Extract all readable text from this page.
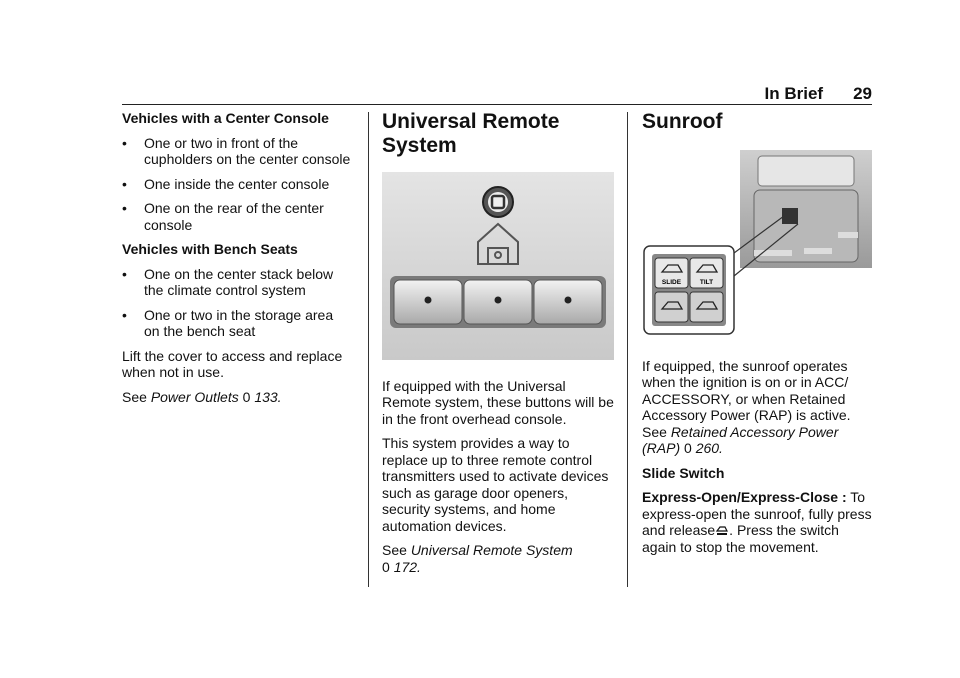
In Brief 29

Vehicles with a Center Console

• One or two in front of the cupholders on the center console
• One inside the center console
• One on the rear of the center console

Vehicles with Bench Seats

• One on the center stack below the climate control system
• One or two in the storage area on the bench seat

Lift the cover to access and replace when not in use.

See Power Outlets 0 133.

Universal Remote System

If equipped with the Universal Remote system, these buttons will be in the front overhead console.

This system provides a way to replace up to three remote control transmitters used to activate devices such as garage door openers, security systems, and home automation devices.

See Universal Remote System
0 172.

Sunroof
SLIDE	TILT

If equipped, the sunroof operates when the ignition is on or in ACC/ ACCESSORY, or when Retained Accessory Power (RAP) is active. See Retained Accessory Power (RAP) 0 260.

Slide Switch

Express-Open/Express-Close : To express-open the sunroof, fully press and release . Press the switch again to stop the movement.
